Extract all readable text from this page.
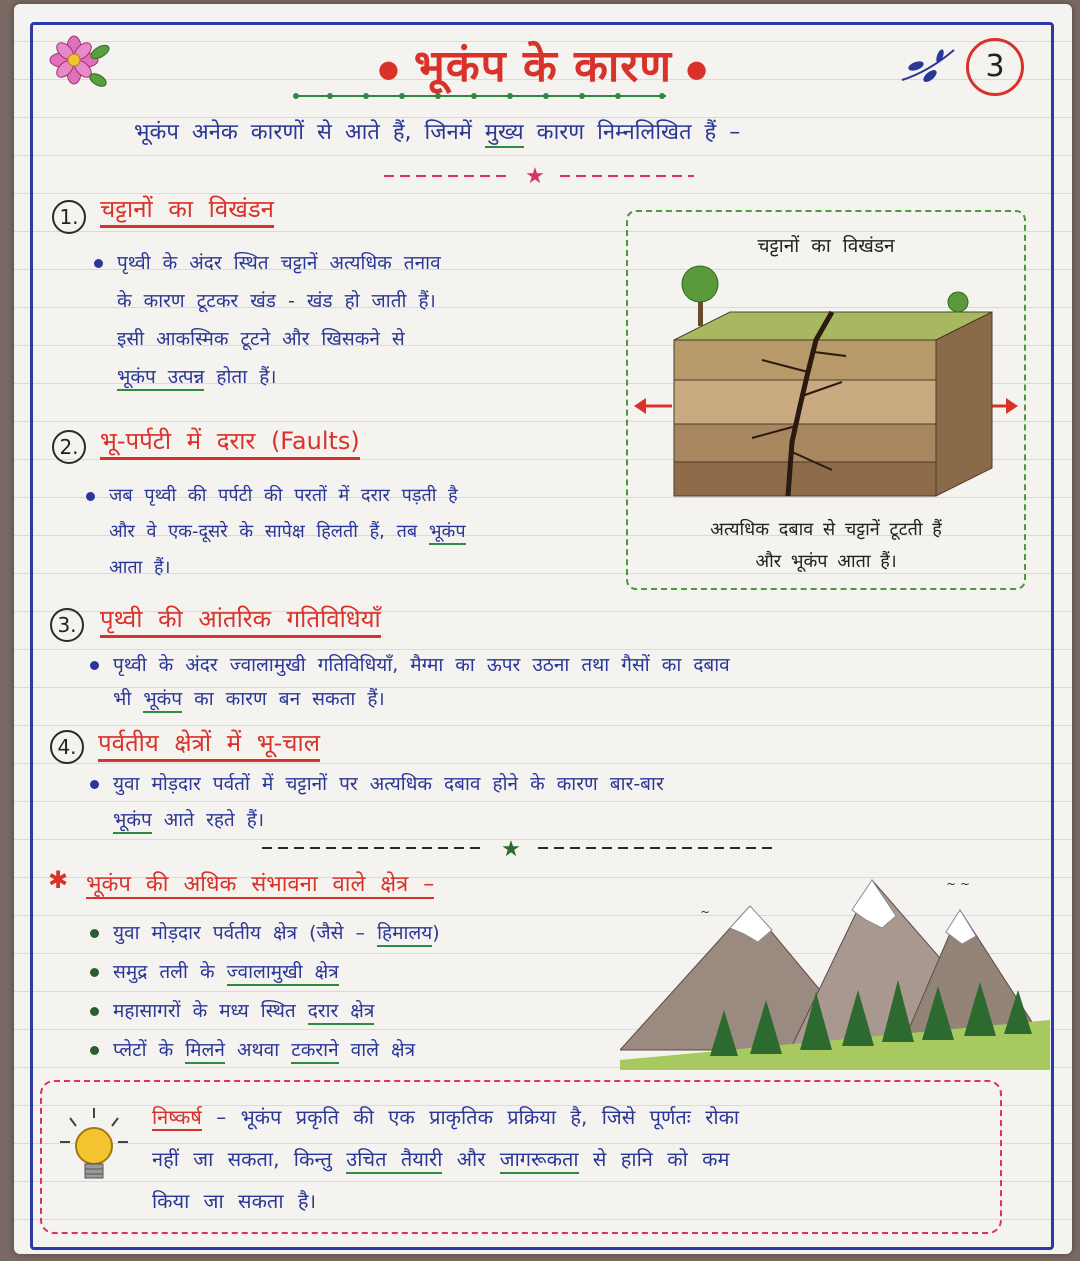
● भूकंप के कारण ●	3
भूकंप अनेक कारणों से आते हैं, जिनमें मुख्य कारण निम्नलिखित हैं –
★
1. चट्टानों का विखंडन
पृथ्वी के अंदर स्थित चट्टानें अत्यधिक तनाव
के कारण टूटकर खंड - खंड हो जाती हैं।
इसी आकस्मिक टूटने और खिसकने से
भूकंप उत्पन्न होता हैं।
2. भू-पर्पटी में दरार (Faults)
जब पृथ्वी की पर्पटी की परतों में दरार पड़ती है
और वे एक-दूसरे के सापेक्ष हिलती हैं, तब भूकंप
आता हैं।
चट्टानों का विखंडन
अत्यधिक दबाव से चट्टानें टूटती हैं
और भूकंप आता हैं।
3. पृथ्वी की आंतरिक गतिविधियाँ
पृथ्वी के अंदर ज्वालामुखी गतिविधियाँ, मैग्मा का ऊपर उठना तथा गैसों का दबाव
भी भूकंप का कारण बन सकता हैं।
4. पर्वतीय क्षेत्रों में भू-चाल
युवा मोड़दार पर्वतों में चट्टानों पर अत्यधिक दबाव होने के कारण बार-बार
भूकंप आते रहते हैं।
★
✱ भूकंप की अधिक संभावना वाले क्षेत्र –
युवा मोड़दार पर्वतीय क्षेत्र (जैसे – हिमालय)
समुद्र तली के ज्वालामुखी क्षेत्र
महासागरों के मध्य स्थित दरार क्षेत्र
प्लेटों के मिलने अथवा टकराने वाले क्षेत्र
~
~ ~
निष्कर्ष – भूकंप प्रकृति की एक प्राकृतिक प्रक्रिया है, जिसे पूर्णतः रोका
नहीं जा सकता, किन्तु उचित तैयारी और जागरूकता से हानि को कम
किया जा सकता है।
